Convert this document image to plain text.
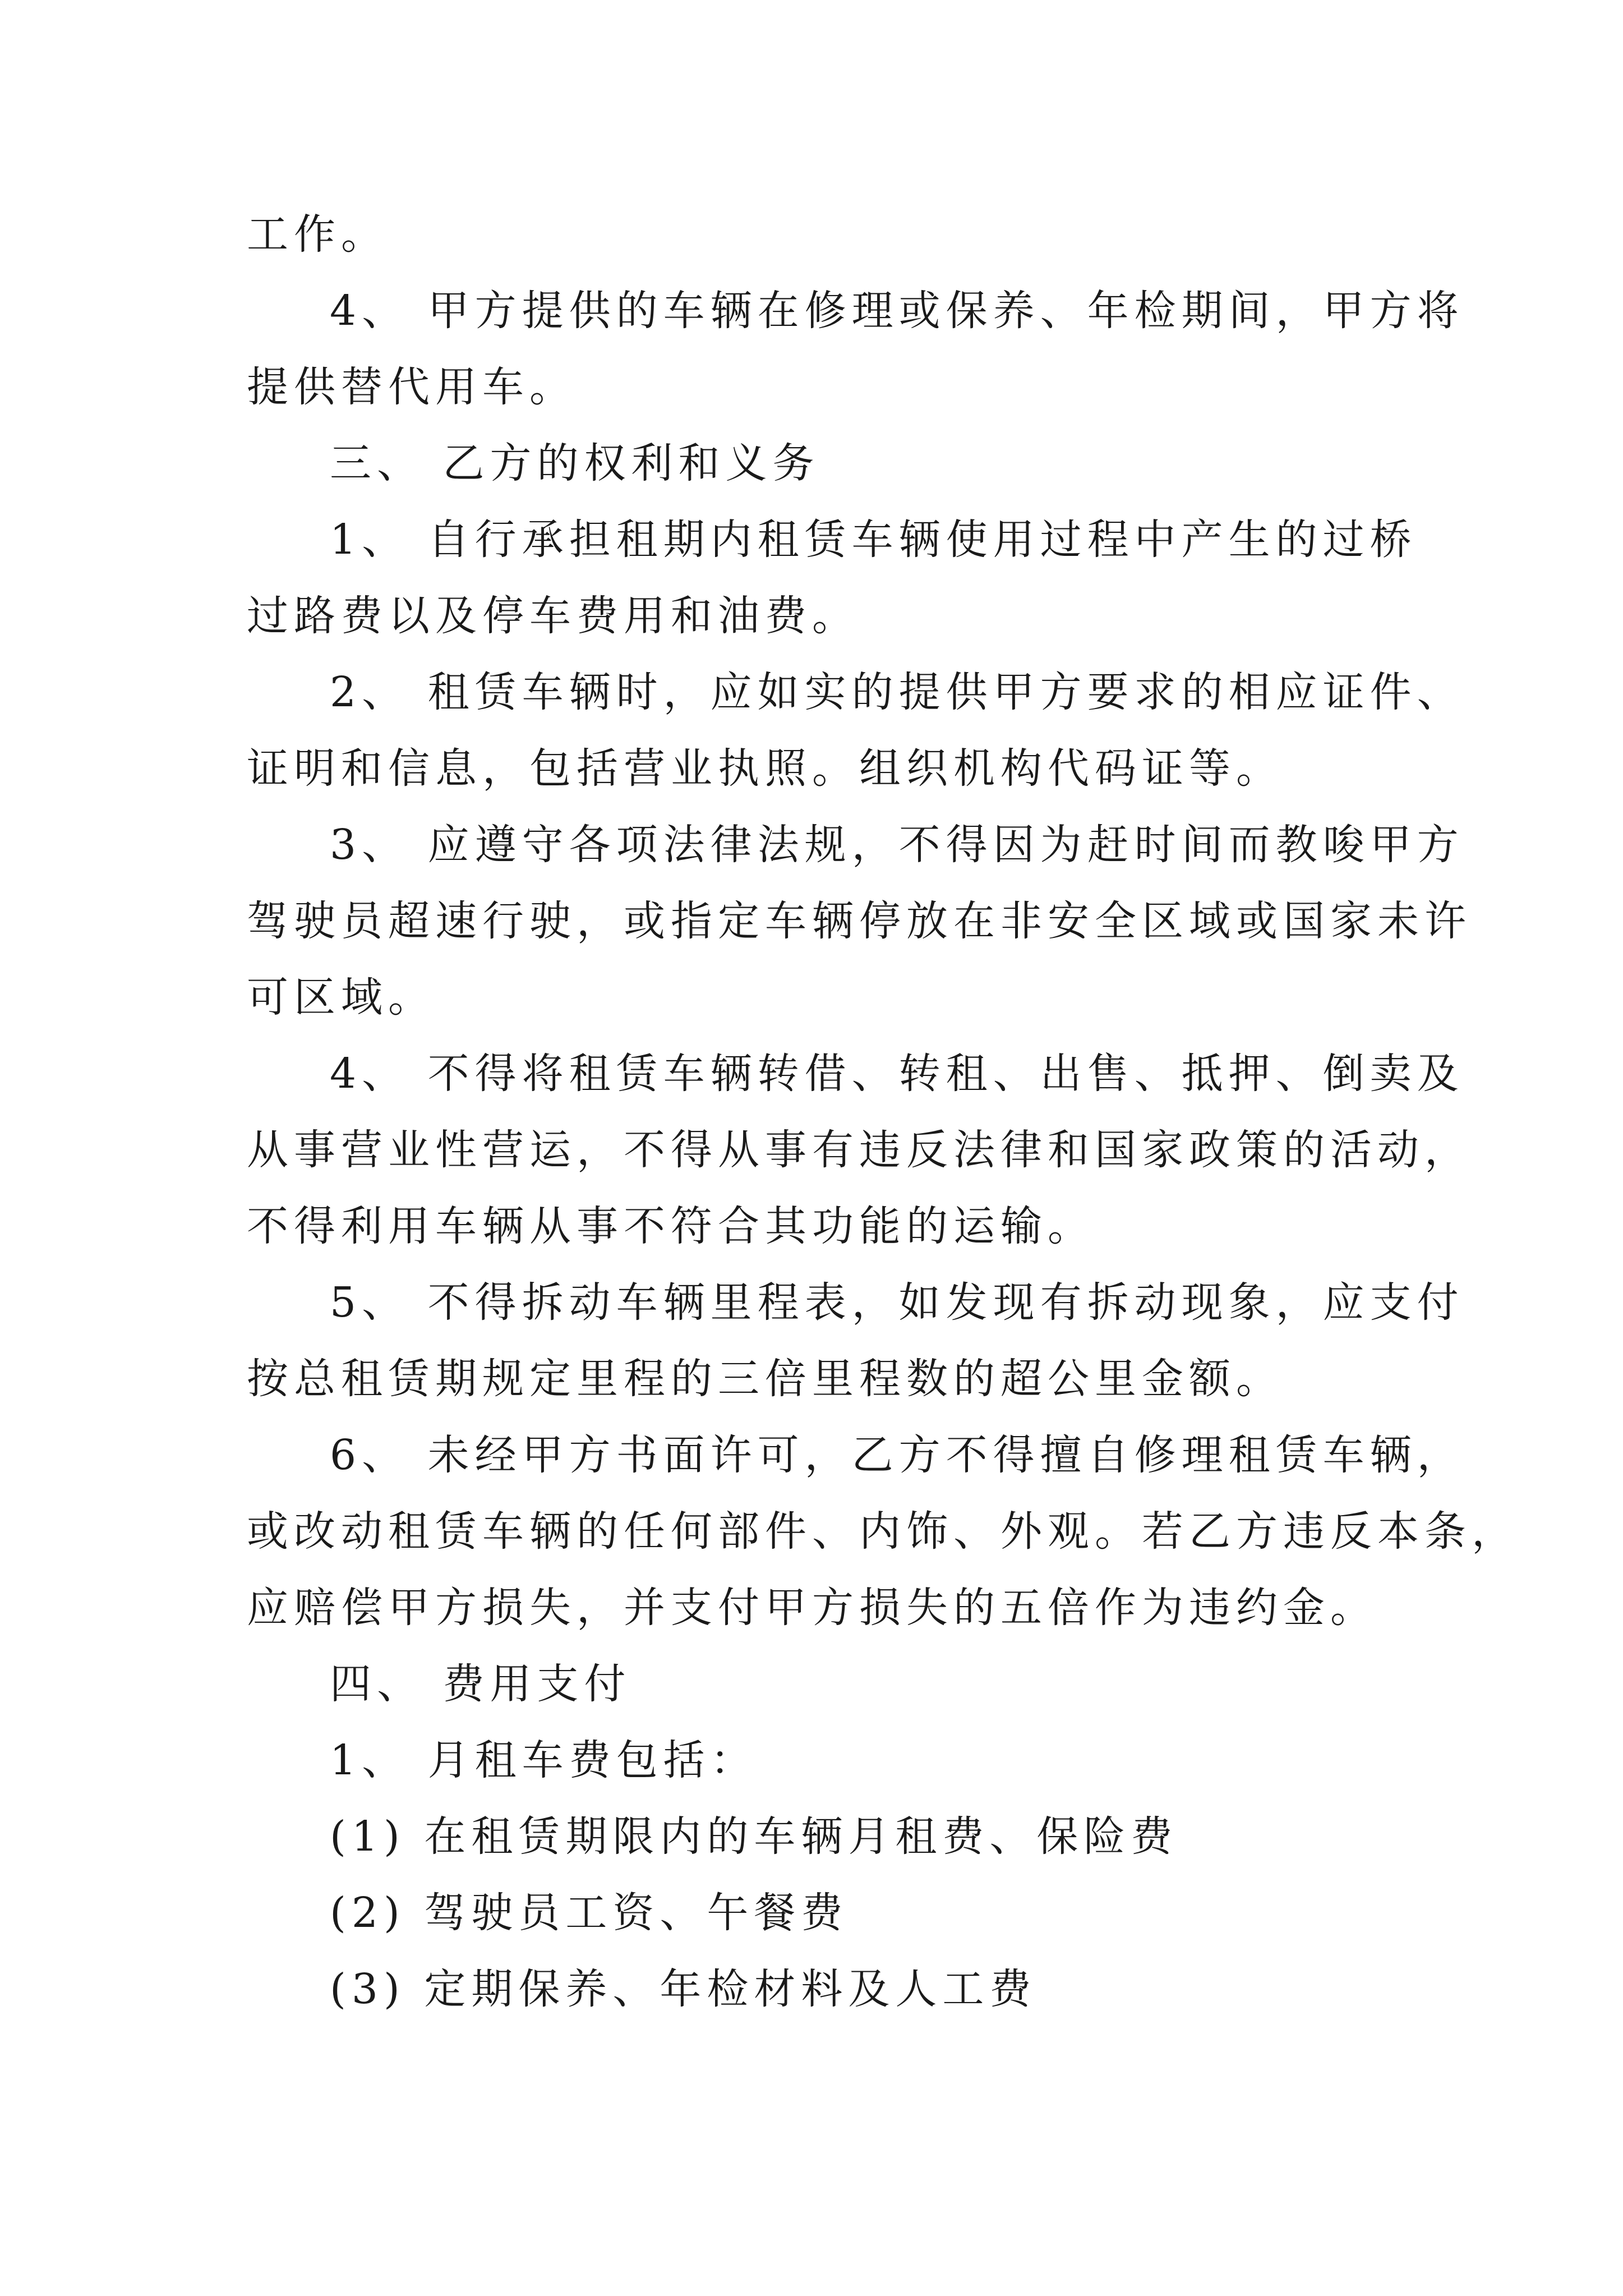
工作。
4、 甲方提供的车辆在修理或保养、年检期间，甲方将
提供替代用车。
三、 乙方的权利和义务
1、 自行承担租期内租赁车辆使用过程中产生的过桥
过路费以及停车费用和油费。
2、 租赁车辆时，应如实的提供甲方要求的相应证件、
证明和信息，包括营业执照。组织机构代码证等。
3、 应遵守各项法律法规，不得因为赶时间而教唆甲方
驾驶员超速行驶，或指定车辆停放在非安全区域或国家未许
可区域。
4、 不得将租赁车辆转借、转租、出售、抵押、倒卖及
从事营业性营运，不得从事有违反法律和国家政策的活动，
不得利用车辆从事不符合其功能的运输。
5、 不得拆动车辆里程表，如发现有拆动现象，应支付
按总租赁期规定里程的三倍里程数的超公里金额。
6、 未经甲方书面许可，乙方不得擅自修理租赁车辆，
或改动租赁车辆的任何部件、内饰、外观。若乙方违反本条，
应赔偿甲方损失，并支付甲方损失的五倍作为违约金。
四、 费用支付
1、 月租车费包括：
(1) 在租赁期限内的车辆月租费、保险费
(2) 驾驶员工资、午餐费
(3) 定期保养、年检材料及人工费
